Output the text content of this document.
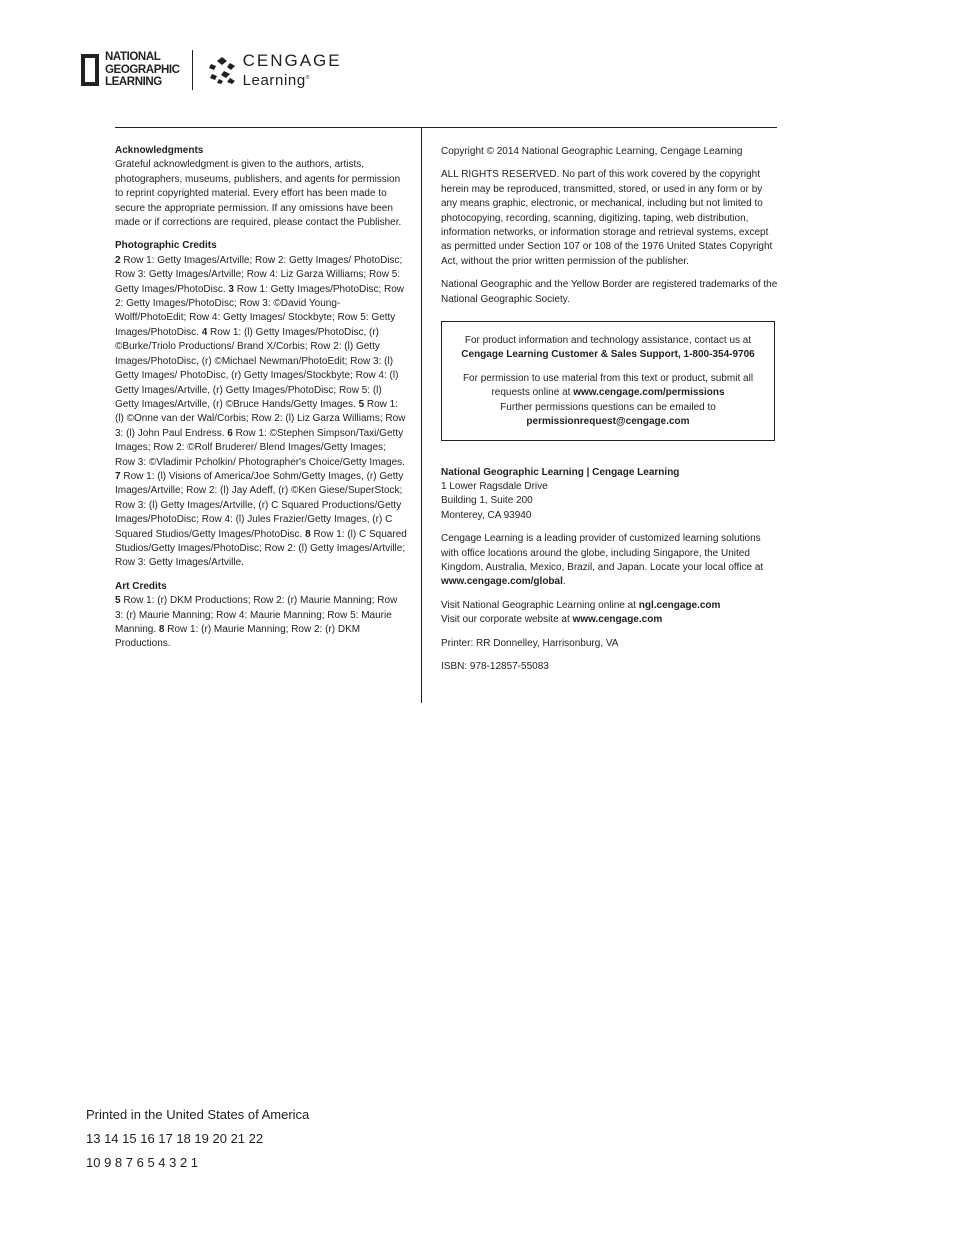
NATIONAL
GEOGRAPHIC
LEARNING
CENGAGE
Learning®
Acknowledgments

Grateful acknowledgment is given to the authors, artists, photographers, museums, publishers, and agents for permission to reprint copyrighted material. Every effort has been made to secure the appropriate permission. If any omissions have been made or if corrections are required, please contact the Publisher.

Photographic Credits

2 Row 1: Getty Images/Artville; Row 2: Getty Images/ PhotoDisc; Row 3: Getty Images/Artville; Row 4: Liz Garza Williams; Row 5: Getty Images/PhotoDisc. 3 Row 1: Getty Images/PhotoDisc; Row 2: Getty Images/PhotoDisc; Row 3: ©David Young-Wolff/PhotoEdit; Row 4: Getty Images/ Stockbyte; Row 5: Getty Images/PhotoDisc. 4 Row 1: (l) Getty Images/PhotoDisc, (r) ©Burke/Triolo Productions/ Brand X/Corbis; Row 2: (l) Getty Images/PhotoDisc, (r) ©Michael Newman/PhotoEdit; Row 3: (l) Getty Images/ PhotoDisc, (r) Getty Images/Stockbyte; Row 4: (l) Getty Images/Artville, (r) Getty Images/PhotoDisc; Row 5: (l) Getty Images/Artville, (r) ©Bruce Hands/Getty Images. 5 Row 1: (l) ©Onne van der Wal/Corbis; Row 2: (l) Liz Garza Williams; Row 3: (l) John Paul Endress. 6 Row 1: ©Stephen Simpson/Taxi/Getty Images; Row 2: ©Rolf Bruderer/ Blend Images/Getty Images; Row 3: ©Vladimir Pcholkin/ Photographer's Choice/Getty Images. 7 Row 1: (l) Visions of America/Joe Sohm/Getty Images, (r) Getty Images/Artville; Row 2: (l) Jay Adeff, (r) ©Ken Giese/SuperStock; Row 3: (l) Getty Images/Artville, (r) C Squared Productions/Getty Images/PhotoDisc; Row 4: (l) Jules Frazier/Getty Images, (r) C Squared Studios/Getty Images/PhotoDisc. 8 Row 1: (l) C Squared Studios/Getty Images/PhotoDisc; Row 2: (l) Getty Images/Artville; Row 3: Getty Images/Artville.

Art Credits

5 Row 1: (r) DKM Productions; Row 2: (r) Maurie Manning; Row 3: (r) Maurie Manning; Row 4: Maurie Manning; Row 5: Maurie Manning. 8 Row 1: (r) Maurie Manning; Row 2: (r) DKM Productions.

Copyright © 2014 National Geographic Learning, Cengage Learning

ALL RIGHTS RESERVED. No part of this work covered by the copyright herein may be reproduced, transmitted, stored, or used in any form or by any means graphic, electronic, or mechanical, including but not limited to photocopying, recording, scanning, digitizing, taping, web distribution, information networks, or information storage and retrieval systems, except as permitted under Section 107 or 108 of the 1976 United States Copyright Act, without the prior written permission of the publisher.

National Geographic and the Yellow Border are registered trademarks of the National Geographic Society.

For product information and technology assistance, contact us at

Cengage Learning Customer & Sales Support, 1-800-354-9706

For permission to use material from this text or product, submit all requests online at www.cengage.com/permissions

Further permissions questions can be emailed to

permissionrequest@cengage.com

National Geographic Learning | Cengage Learning

1 Lower Ragsdale Drive

Building 1, Suite 200

Monterey, CA 93940

Cengage Learning is a leading provider of customized learning solutions with office locations around the globe, including Singapore, the United Kingdom, Australia, Mexico, Brazil, and Japan. Locate your local office at www.cengage.com/global.

Visit National Geographic Learning online at ngl.cengage.com

Visit our corporate website at www.cengage.com

Printer: RR Donnelley, Harrisonburg, VA

ISBN: 978-12857-55083

Printed in the United States of America
13 14 15 16 17 18 19 20 21 22
10 9 8 7 6 5 4 3 2 1
